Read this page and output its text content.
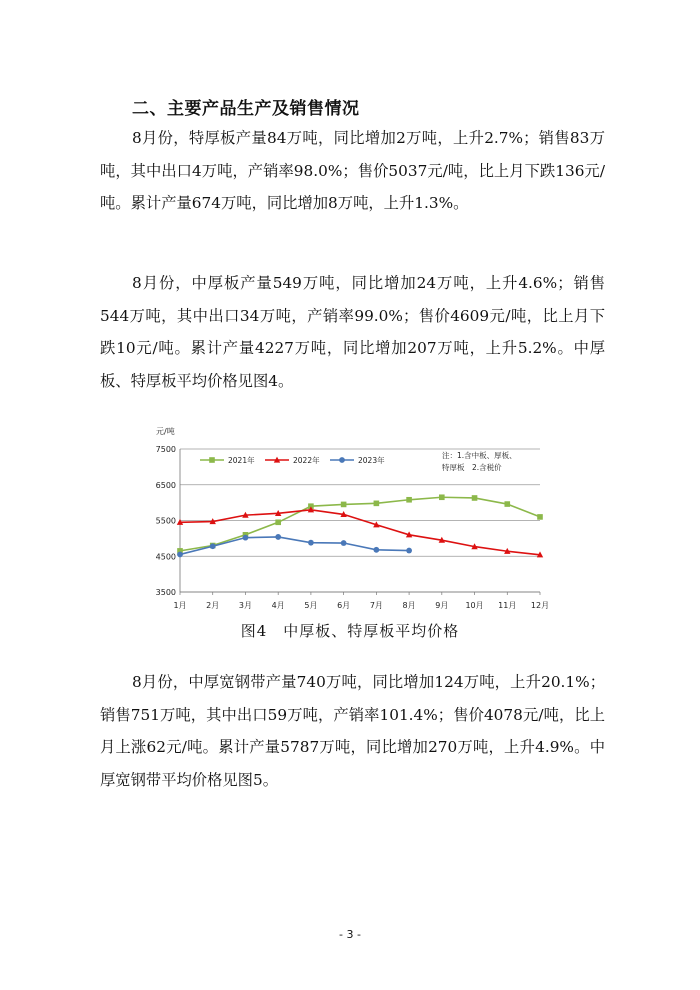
二、主要产品生产及销售情况

8月份，特厚板产量84万吨，同比增加2万吨，上升2.7%；销售83万吨，其中出口4万吨，产销率98.0%；售价5037元/吨，比上月下跌136元/吨。累计产量674万吨，同比增加8万吨，上升1.3%。

8月份，中厚板产量549万吨，同比增加24万吨，上升4.6%；销售544万吨，其中出口34万吨，产销率99.0%；售价4609元/吨，比上月下跌10元/吨。累计产量4227万吨，同比增加207万吨，上升5.2%。中厚板、特厚板平均价格见图4。

元/吨
7500
6500
5500
4500
3500
1月 2月 3月 4月 5月 6月 7月 8月 9月 10月 11月 12月
2021年	2022年	2023年
注：1.含中板、厚板、
特厚板　2.含税价

图4　中厚板、特厚板平均价格

8月份，中厚宽钢带产量740万吨，同比增加124万吨，上升20.1%；销售751万吨，其中出口59万吨，产销率101.4%；售价4078元/吨，比上月上涨62元/吨。累计产量5787万吨，同比增加270万吨，上升4.9%。中厚宽钢带平均价格见图5。

- 3 -
